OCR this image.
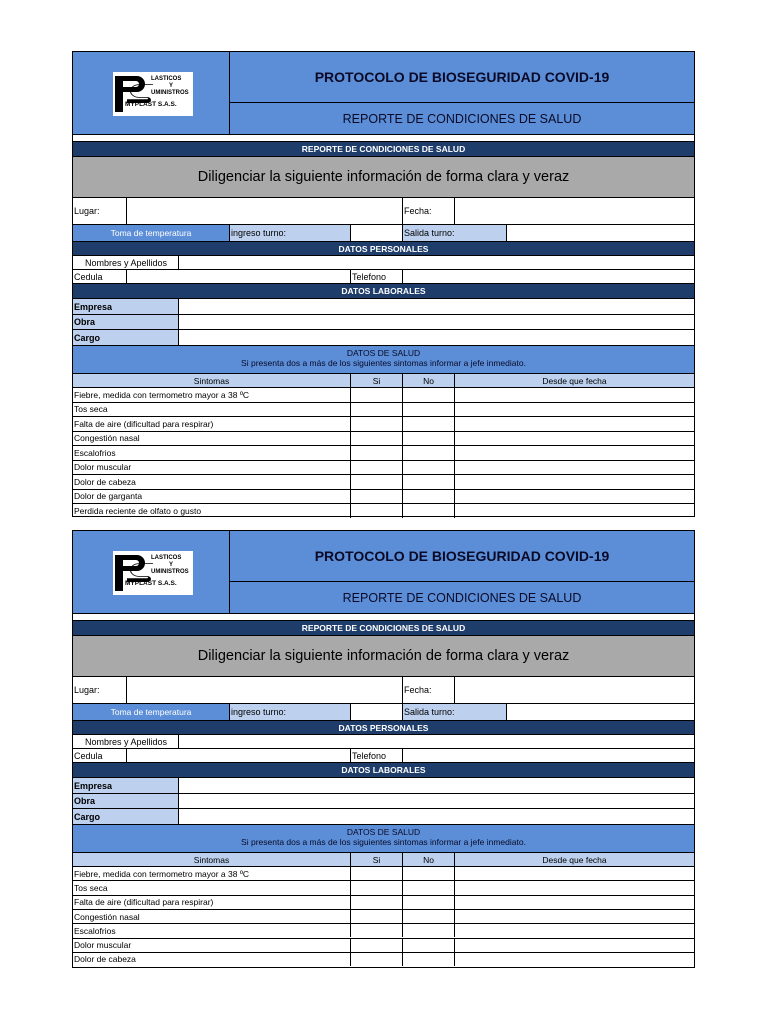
LASTICOS
Y
UMINISTROS
MYPLAST S.A.S.
PROTOCOLO DE BIOSEGURIDAD COVID-19
REPORTE DE CONDICIONES DE SALUD
REPORTE DE CONDICIONES DE SALUD
Diligenciar la siguiente información de forma clara y veraz
Lugar:	Fecha:
Toma de temperatura	ingreso turno:	Salida turno:
DATOS PERSONALES
Nombres y Apellidos
Cedula	Telefono
DATOS LABORALES
Empresa
Obra
Cargo
DATOS DE SALUD
Si presenta dos a más de los siguientes sintomas informar a jefe inmediato.
Sintomas	Si	No	Desde que fecha
Fiebre, medida con termometro mayor a 38 ºC
Tos seca
Falta de aire (dificultad para respirar)
Congestión nasal
Escalofrios
Dolor muscular
Dolor de cabeza
Dolor de garganta
Perdida reciente de olfato o gusto
LASTICOS
Y
UMINISTROS
MYPLAST S.A.S.
PROTOCOLO DE BIOSEGURIDAD COVID-19
REPORTE DE CONDICIONES DE SALUD
REPORTE DE CONDICIONES DE SALUD
Diligenciar la siguiente información de forma clara y veraz
Lugar:	Fecha:
Toma de temperatura	ingreso turno:	Salida turno:
DATOS PERSONALES
Nombres y Apellidos
Cedula	Telefono
DATOS LABORALES
Empresa
Obra
Cargo
DATOS DE SALUD
Si presenta dos a más de los siguientes sintomas informar a jefe inmediato.
Sintomas	Si	No	Desde que fecha
Fiebre, medida con termometro mayor a 38 ºC
Tos seca
Falta de aire (dificultad para respirar)
Congestión nasal
Escalofrios
Dolor muscular
Dolor de cabeza
